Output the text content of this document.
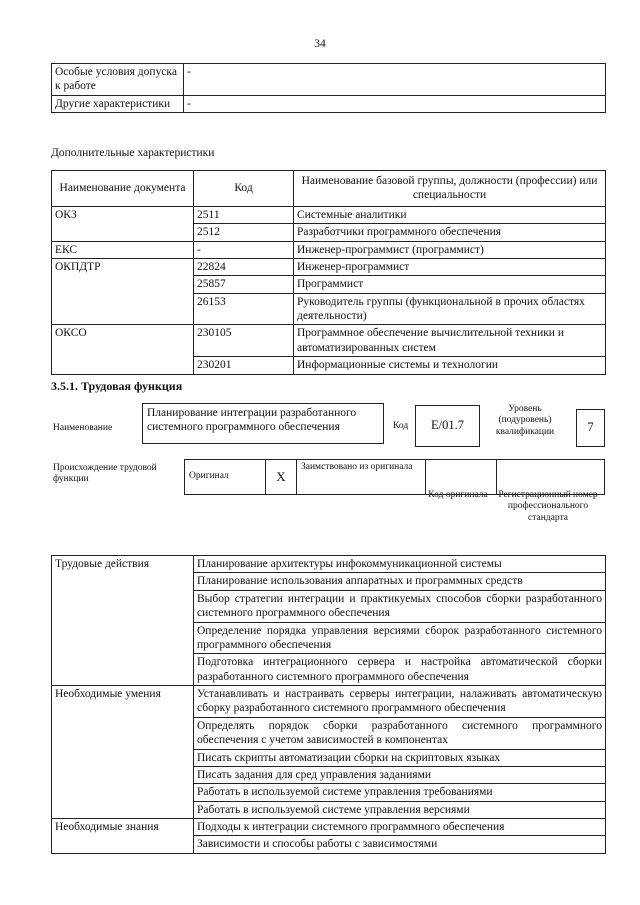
34
Особые условия допуска к работе	-
Другие характеристики	-
Дополнительные характеристики
Наименование документа	Код	Наименование базовой группы, должности (профессии) или специальности
ОКЗ	2511	Системные аналитики
	2512	Разработчики программного обеспечения
ЕКС	-	Инженер-программист (программист)
ОКПДТР	22824	Инженер-программист
	25857	Программист
	26153	Руководитель группы (функциональной в прочих областях деятельности)
ОКСО	230105	Программное обеспечение вычислительной техники и автоматизированных систем
	230201	Информационные системы и технологии
3.5.1. Трудовая функция
Наименование
Планирование интеграции разработанного системного программного обеспечения	Код	E/01.7
Уровень (подуровень) квалификации	7
Происхождение трудовой функции	Оригинал	X	Заимствовано из оригинала		
Код оригинала	Регистрационный номер профессионального стандарта
Трудовые действия	Планирование архитектуры инфокоммуникационной системы
	Планирование использования аппаратных и программных средств
	Выбор стратегии интеграции и практикуемых способов сборки разработанного системного программного обеспечения
	Определение порядка управления версиями сборок разработанного системного программного обеспечения
	Подготовка интеграционного сервера и настройка автоматической сборки разработанного системного программного обеспечения
Необходимые умения	Устанавливать и настраивать серверы интеграции, налаживать автоматическую сборку разработанного системного программного обеспечения
	Определять порядок сборки разработанного системного программного обеспечения с учетом зависимостей в компонентах
	Писать скрипты автоматизации сборки на скриптовых языках
	Писать задания для сред управления заданиями
	Работать в используемой системе управления требованиями
	Работать в используемой системе управления версиями
Необходимые знания	Подходы к интеграции системного программного обеспечения
	Зависимости и способы работы с зависимостями
